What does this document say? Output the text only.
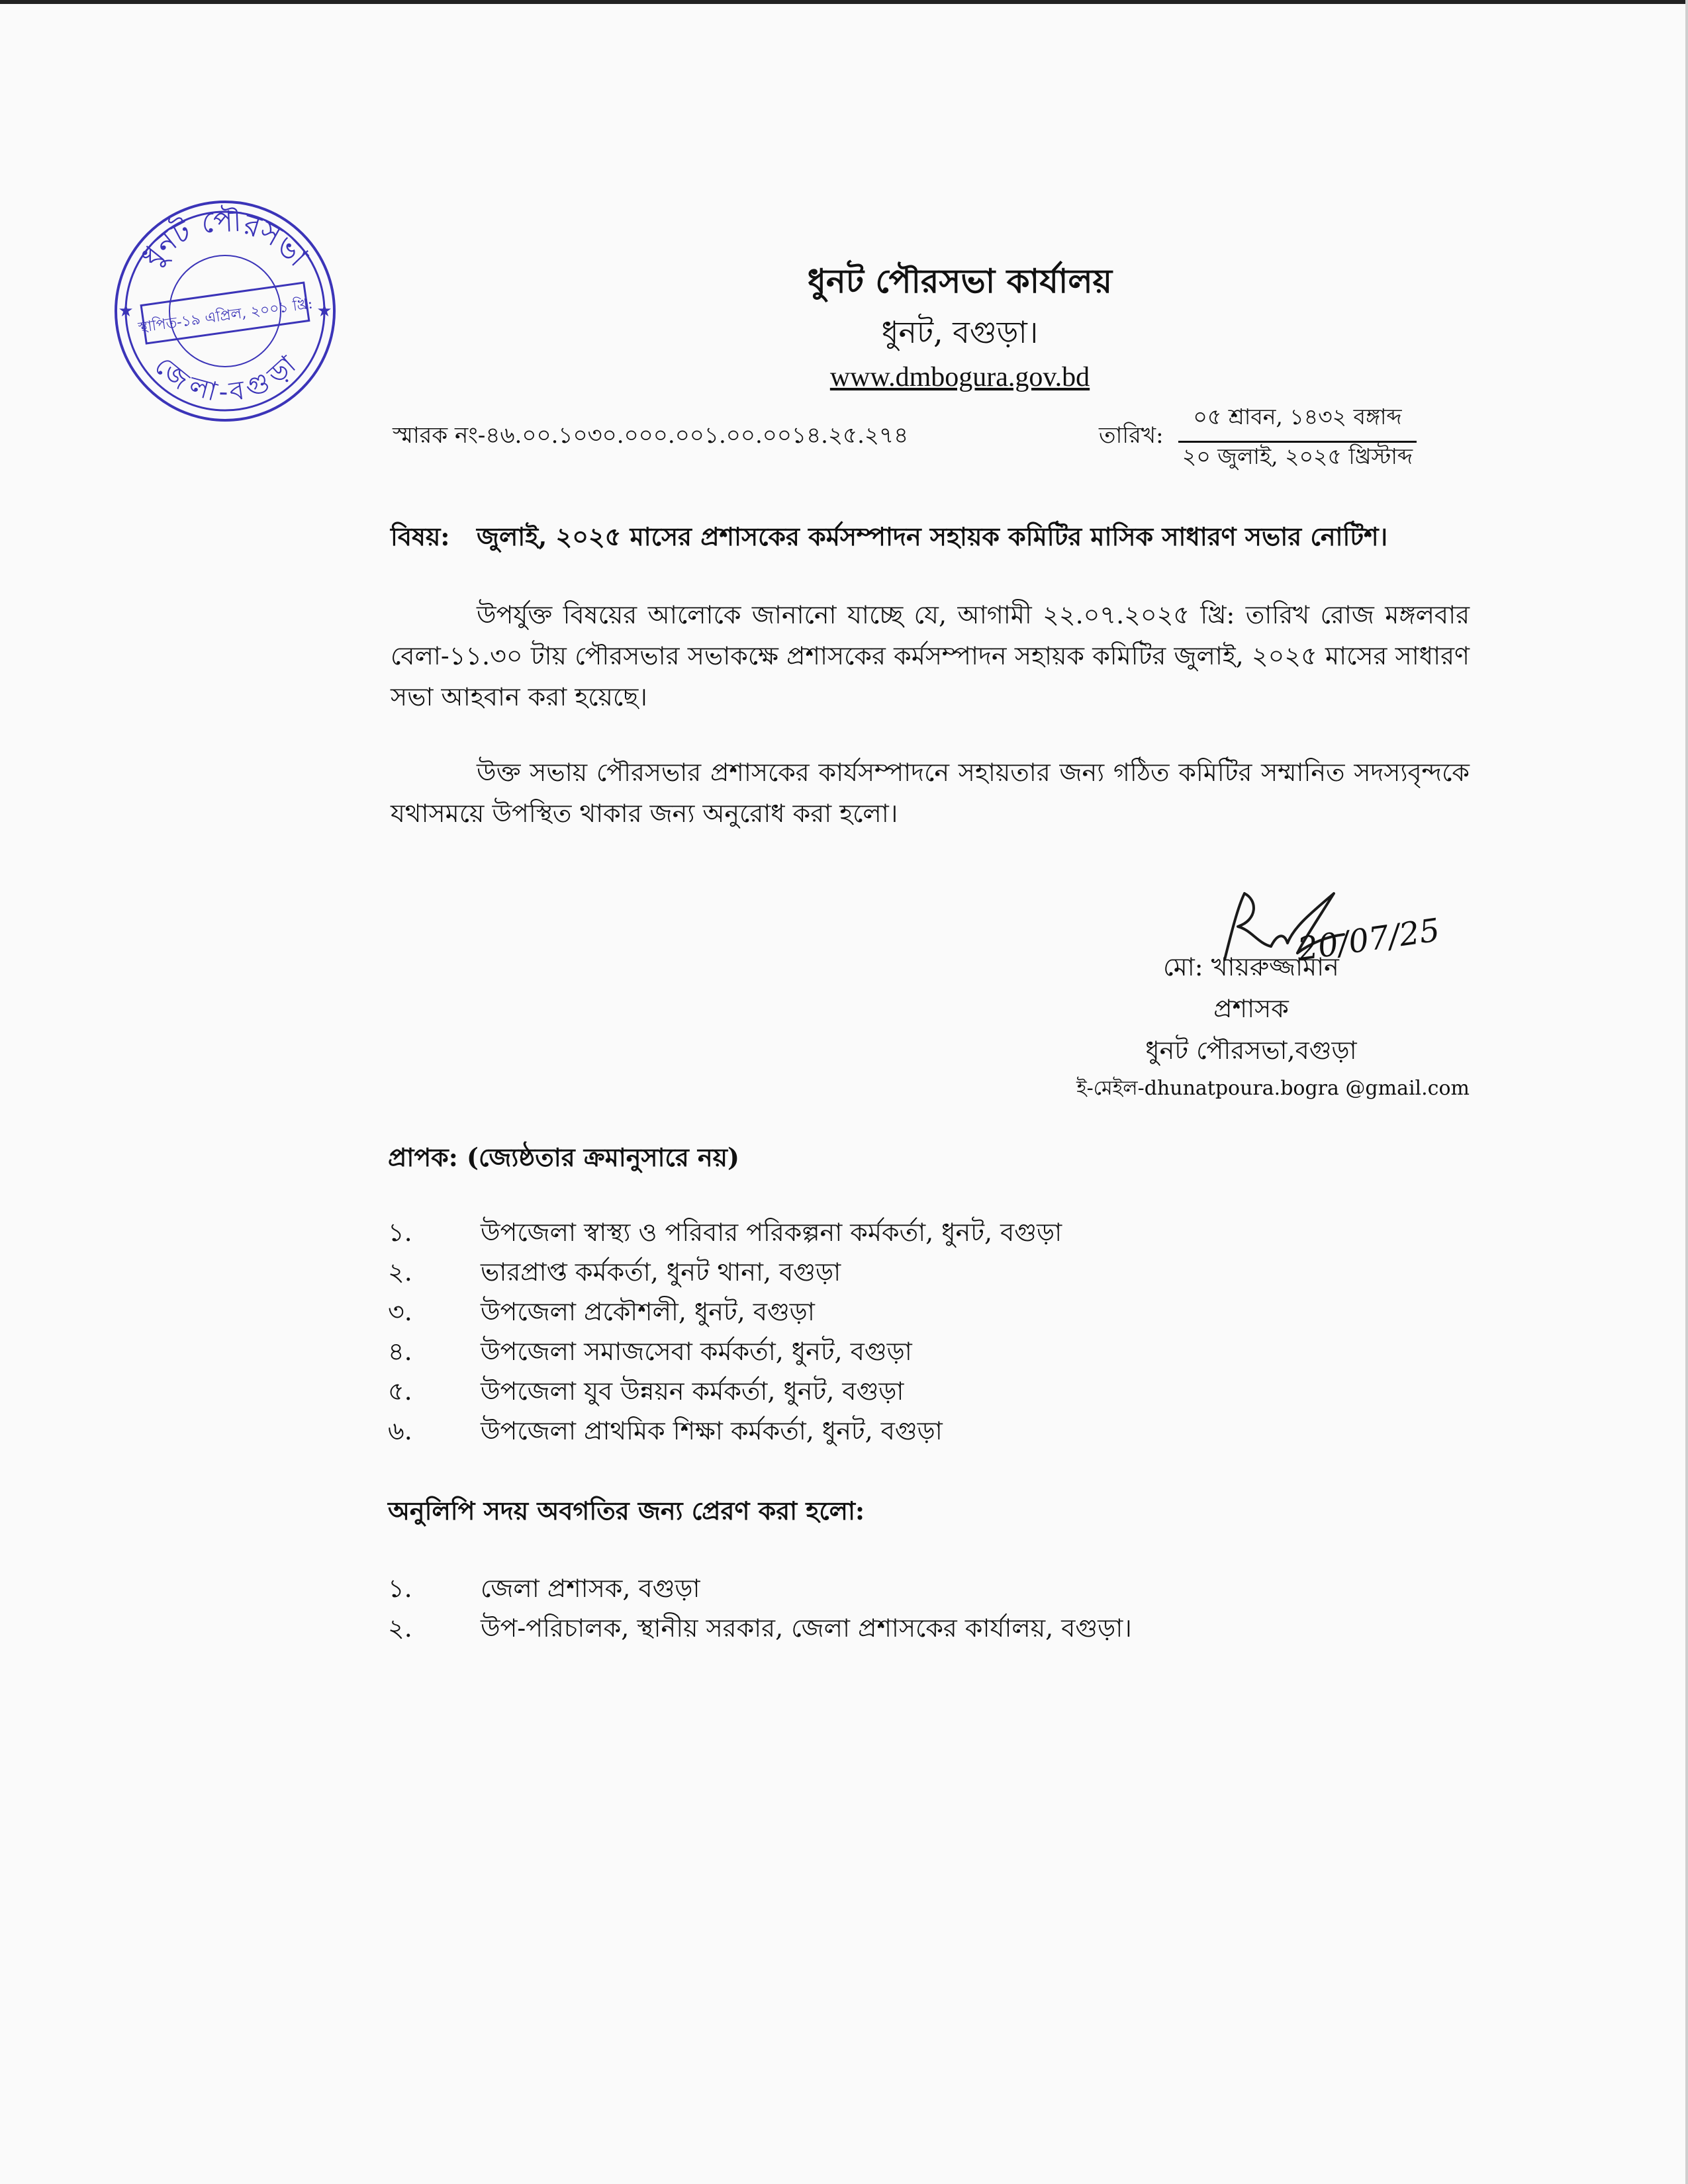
ধুনট পৌরসভা
স্থাপিত-১৯ এপ্রিল, ২০০১ খ্রি:
জেলা-বগুড়া
★	★
ধুনট পৌরসভা কার্যালয়
ধুনট, বগুড়া।
www.dmbogura.gov.bd
স্মারক নং-৪৬.০০.১০৩০.০০০.০০১.০০.০০১৪.২৫.২৭৪	তারিখ:
০৫ শ্রাবন, ১৪৩২ বঙ্গাব্দ
২০ জুলাই, ২০২৫ খ্রিস্টাব্দ
বিষয়: জুলাই, ২০২৫ মাসের প্রশাসকের কর্মসম্পাদন সহায়ক কমিটির মাসিক সাধারণ সভার নোটিশ।

উপর্যুক্ত বিষয়ের আলোকে জানানো যাচ্ছে যে, আগামী ২২.০৭.২০২৫ খ্রি: তারিখ রোজ মঙ্গলবার বেলা-১১.৩০ টায় পৌরসভার সভাকক্ষে প্রশাসকের কর্মসম্পাদন সহায়ক কমিটির জুলাই, ২০২৫ মাসের সাধারণ সভা আহবান করা হয়েছে।

উক্ত সভায় পৌরসভার প্রশাসকের কার্যসম্পাদনে সহায়তার জন্য গঠিত কমিটির সম্মানিত সদস্যবৃন্দকে যথাসময়ে উপস্থিত থাকার জন্য অনুরোধ করা হলো।

20/07/25
মো: খায়রুজ্জামান
প্রশাসক
ধুনট পৌরসভা,বগুড়া
ই-মেইল-dhunatpoura.bogra @gmail.com
প্রাপক: (জ্যেষ্ঠতার ক্রমানুসারে নয়)
১.	উপজেলা স্বাস্থ্য ও পরিবার পরিকল্পনা কর্মকর্তা, ধুনট, বগুড়া
২.	ভারপ্রাপ্ত কর্মকর্তা, ধুনট থানা, বগুড়া
৩.	উপজেলা প্রকৌশলী, ধুনট, বগুড়া
৪.	উপজেলা সমাজসেবা কর্মকর্তা, ধুনট, বগুড়া
৫.	উপজেলা যুব উন্নয়ন কর্মকর্তা, ধুনট, বগুড়া
৬.	উপজেলা প্রাথমিক শিক্ষা কর্মকর্তা, ধুনট, বগুড়া
অনুলিপি সদয় অবগতির জন্য প্রেরণ করা হলো:
১.	জেলা প্রশাসক, বগুড়া
২.	উপ-পরিচালক, স্থানীয় সরকার, জেলা প্রশাসকের কার্যালয়, বগুড়া।
